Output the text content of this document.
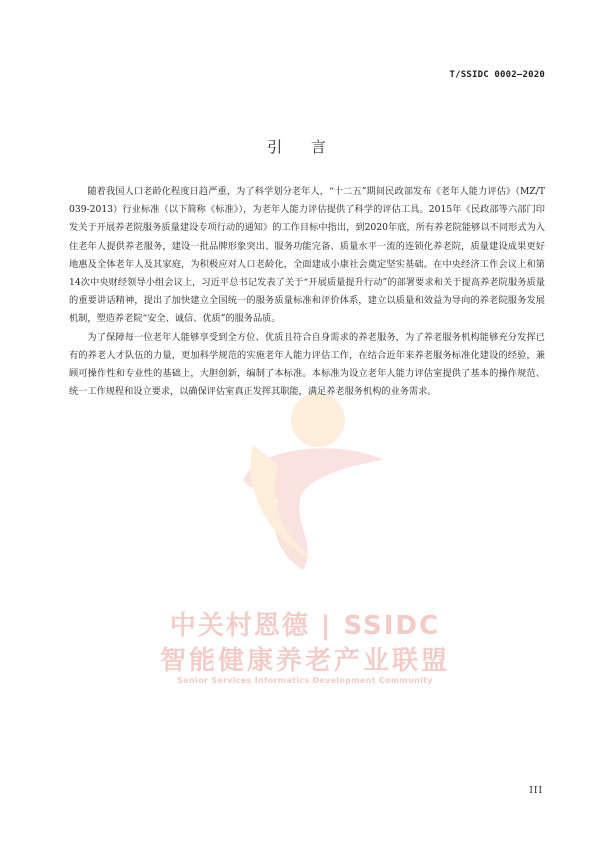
T/SSIDC 0002—2020
引 言
中关村恩德 | SSIDC
智能健康养老产业联盟
Senior Services Informatics Development Community

随着我国人口老龄化程度日趋严重，为了科学划分老年人，“十二五”期间民政部发布《老年人能力评估》（MZ/T 039-2013）行业标准（以下简称《标准》），为老年人能力评估提供了科学的评估工具。2015年《民政部等六部门印发关于开展养老院服务质量建设专项行动的通知》的工作目标中指出，到2020年底，所有养老院能够以不同形式为入住老年人提供养老服务，建设一批品牌形象突出、服务功能完备、质量水平一流的连锁化养老院，质量建设成果更好地惠及全体老年人及其家庭，为积极应对人口老龄化，全面建成小康社会奠定坚实基础。在中央经济工作会议上和第14次中央财经领导小组会议上，习近平总书记发表了关于“开展质量提升行动”的部署要求和关于提高养老院服务质量的重要讲话精神，提出了加快建立全国统一的服务质量标准和评价体系，建立以质量和效益为导向的养老院服务发展机制，塑造养老院“安全、诚信、优质”的服务品质。

为了保障每一位老年人能够享受到全方位、优质且符合自身需求的养老服务，为了养老服务机构能够充分发挥已有的养老人才队伍的力量，更加科学规范的实施老年人能力评估工作，在结合近年来养老服务标准化建设的经验，兼顾可操作性和专业性的基础上，大胆创新，编制了本标准。本标准为设立老年人能力评估室提供了基本的操作规范、统一工作规程和设立要求，以确保评估室真正发挥其职能，满足养老服务机构的业务需求。

III
